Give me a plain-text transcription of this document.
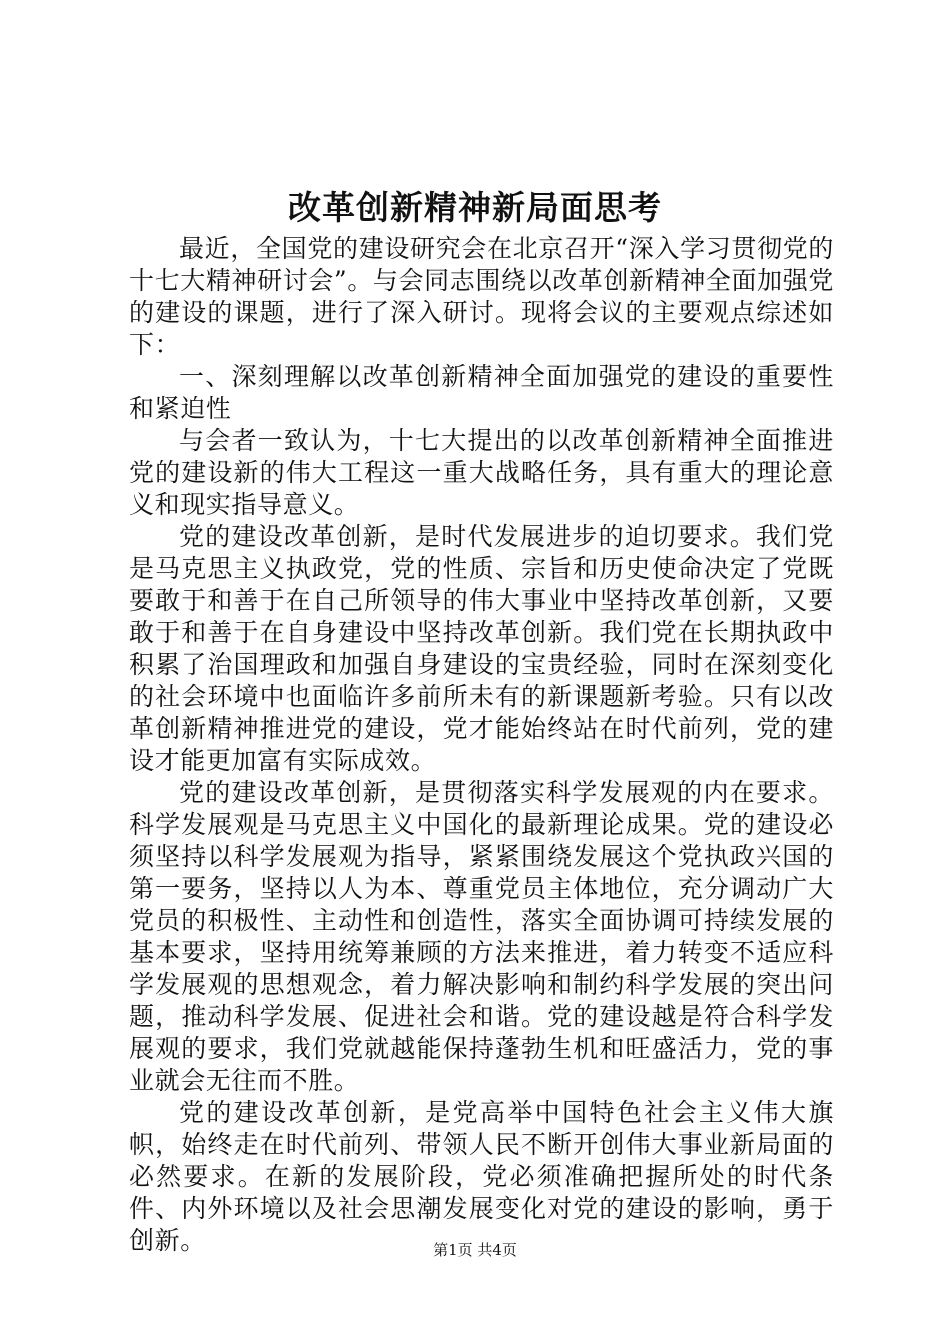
改革创新精神新局面思考

最近，全国党的建设研究会在北京召开“深入学习贯彻党的十七大精神研讨会”。与会同志围绕以改革创新精神全面加强党的建设的课题，进行了深入研讨。现将会议的主要观点综述如下：

一、深刻理解以改革创新精神全面加强党的建设的重要性和紧迫性

与会者一致认为，十七大提出的以改革创新精神全面推进党的建设新的伟大工程这一重大战略任务，具有重大的理论意义和现实指导意义。

党的建设改革创新，是时代发展进步的迫切要求。我们党是马克思主义执政党，党的性质、宗旨和历史使命决定了党既要敢于和善于在自己所领导的伟大事业中坚持改革创新，又要敢于和善于在自身建设中坚持改革创新。我们党在长期执政中积累了治国理政和加强自身建设的宝贵经验，同时在深刻变化的社会环境中也面临许多前所未有的新课题新考验。只有以改革创新精神推进党的建设，党才能始终站在时代前列，党的建设才能更加富有实际成效。

党的建设改革创新，是贯彻落实科学发展观的内在要求。科学发展观是马克思主义中国化的最新理论成果。党的建设必须坚持以科学发展观为指导，紧紧围绕发展这个党执政兴国的第一要务，坚持以人为本、尊重党员主体地位，充分调动广大党员的积极性、主动性和创造性，落实全面协调可持续发展的基本要求，坚持用统筹兼顾的方法来推进，着力转变不适应科学发展观的思想观念，着力解决影响和制约科学发展的突出问题，推动科学发展、促进社会和谐。党的建设越是符合科学发展观的要求，我们党就越能保持蓬勃生机和旺盛活力，党的事业就会无往而不胜。

党的建设改革创新，是党高举中国特色社会主义伟大旗帜，始终走在时代前列、带领人民不断开创伟大事业新局面的必然要求。在新的发展阶段，党必须准确把握所处的时代条件、内外环境以及社会思潮发展变化对党的建设的影响，勇于创新。	第1页 共4页
